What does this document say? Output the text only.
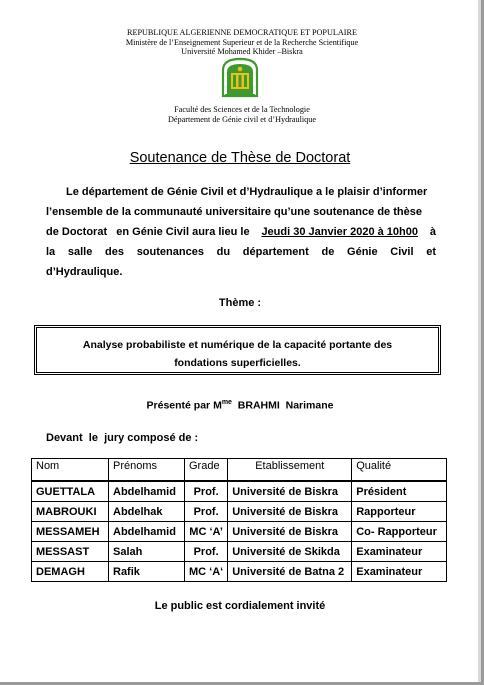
REPUBLIQUE ALGERIENNE DEMOCRATIQUE ET POPULAIRE
Ministère de l’Enseignement Superieur et de la Recherche Scientifique
Université Mohamed Khider –Biskra
Faculté des Sciences et de la Technologie
Département de Génie civil et d’Hydraulique
Soutenance de Thèse de Doctorat
Le département de Génie Civil et d’Hydraulique a le plaisir d’informer
l’ensemble de la communauté universitaire qu’une soutenance de thèse
de Doctorat   en Génie Civil aura lieu le Jeudi 30 Janvier 2020 à 10h00 à
la salle des soutenances du département de Génie Civil et
d’Hydraulique.
Thème :
Analyse probabiliste et numérique de la capacité portante des
fondations superficielles.
Présenté par $M^{me}$ BRAHMI  Narimane
Devant  le  jury composé de :
Nom	Prénoms	Grade	Etablissement	Qualité
GUETTALA	Abdelhamid	Prof.	Université de Biskra	Président
MABROUKI	Abdelhak	Prof.	Université de Biskra	Rapporteur
MESSAMEH	Abdelhamid	MC ‘A’	Université de Biskra	Co- Rapporteur
MESSAST	Salah	Prof.	Université de Skikda	Examinateur
DEMAGH	Rafik	MC ‘A‘	Université de Batna 2	Examinateur
Le public est cordialement invité
